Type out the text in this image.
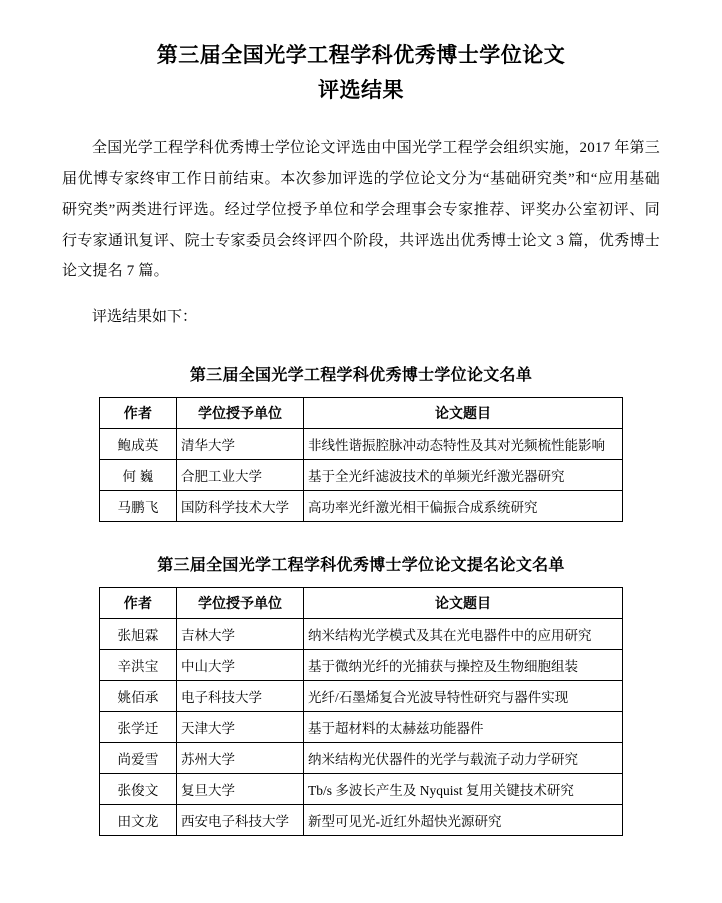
第三届全国光学工程学科优秀博士学位论文
评选结果

全国光学工程学科优秀博士学位论文评选由中国光学工程学会组织实施，2017 年第三届优博专家终审工作日前结束。本次参加评选的学位论文分为“基础研究类”和“应用基础研究类”两类进行评选。经过学位授予单位和学会理事会专家推荐、评奖办公室初评、同行专家通讯复评、院士专家委员会终评四个阶段，共评选出优秀博士论文 3 篇，优秀博士论文提名 7 篇。

评选结果如下：

第三届全国光学工程学科优秀博士学位论文名单
作者	学位授予单位	论文题目
鲍成英	清华大学	非线性谐振腔脉冲动态特性及其对光频梳性能影响
何 巍	合肥工业大学	基于全光纤滤波技术的单频光纤激光器研究
马鹏飞	国防科学技术大学	高功率光纤激光相干偏振合成系统研究
第三届全国光学工程学科优秀博士学位论文提名论文名单
作者	学位授予单位	论文题目
张旭霖	吉林大学	纳米结构光学模式及其在光电器件中的应用研究
辛洪宝	中山大学	基于微纳光纤的光捕获与操控及生物细胞组装
姚佰承	电子科技大学	光纤/石墨烯复合光波导特性研究与器件实现
张学迁	天津大学	基于超材料的太赫兹功能器件
尚爱雪	苏州大学	纳米结构光伏器件的光学与载流子动力学研究
张俊文	复旦大学	Tb/s 多波长产生及 Nyquist 复用关键技术研究
田文龙	西安电子科技大学	新型可见光-近红外超快光源研究
